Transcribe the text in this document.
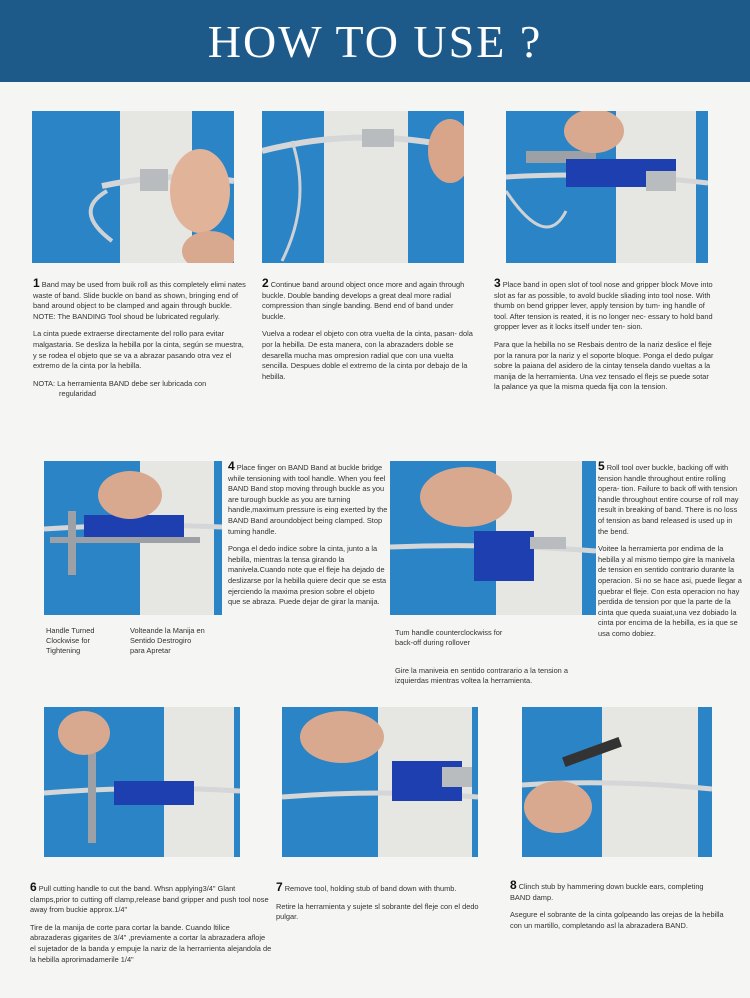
HOW TO USE ?

1 Band may be used from buik roll as this completely elimi nates waste of band. Slide buckle on band as shown, bringing end of band around object to be clamped and again through buckle.
NOTE: The BANDING Tool shoud be lubricated regularly.

La cinta puede extraerse directamente del rollo para evitar malgastaria. Se desliza la hebilla por la cinta, según se muestra, y se rodea el objeto que se va a abrazar pasando otra vez el extremo de la cinta por la hebilla.

NOTA: La herramienta BAND debe ser lubricada con
regularidad

2 Continue band around object once more and again through buckle. Double banding develops a great deal more radial compression than single banding. Bend end of band under buckle.

Vuelva a rodear el objeto con otra vuelta de la cinta, pasan- dola por la hebilla. De esta manera, con la abrazaders doble se desarella mucha mas ompresion radial que con una vuelta sencilla. Despues doble el extremo de la cinta por debajo de la hebilla.

3 Place band in open slot of tool nose and gripper block Move into slot as far as possible, to avold buckle sliading into tool nose. With thumb on bend gripper lever, apply tension by tum- ing handle of tool. After tension is reated, it is no longer nec- essary to hold band gropper lever as it locks itself under ten- sion.

Para que la hebilla no se Resbais dentro de la nariz deslice el fleje por la ranura por la nariz y el soporte bloque. Ponga el dedo pulgar sobre la paiana del asidero de la cintay tensela dando vueltas a la manija de la herramienta. Una vez tensado el flejs se puede sotar la palance ya que la misma queda fija con la tension.

Handle Turned Clockwise for Tightening
Volteande la Manija en Sentido Destrogiro para Apretar

4 Place finger on BAND Band at buckle bridge while tensioning with tool handle. When you feel BAND Band stop moving through buckle as you are turough buckle as you are turning handle,maximum pressure is eing exerted by the BAND Band aroundobject being clamped. Stop tuming handle.

Ponga el dedo indice sobre la cinta, junto a la hebilla, mientras la tensa girando la manivela.Cuando note que el fleje ha dejado de deslizarse por la hebilla quiere decir que se esta ejerciendo la maxima presion sobre el objeto que se abraza. Puede dejar de girar la manija.

Tum handle counterclockwiss for back-off during rollover
Gire la maniveia en sentido contrarario a la tension a izquierdas mientras voltea la herramienta.

5 Roll tool over buckle, backing off with tension handle throughout entire rolling opera- tion. Failure to back off with tension handle throughout entire course of roll may result in breaking of band. There is no loss of tension as band released is used up in the bend.

Voitee la herramierta por endima de la hebilla y al mismo tiempo gire la manivela de tension en sentido contrario durante la operacion. Si no se hace asi, puede llegar a quebrar el fleje. Con esta operacion no hay perdida de tension por que la parte de la cinta que queda suaiat,una vez dobiado la cinta por encima de la hebilla, es ia que se usa como dobiez.

6 Pull cutting handle to cut the band. Whsn applying3/4" Glant clamps,prior to cutting off clamp,release band gripper and push tool nose away from buckie approx.1/4"

Tire de la manija de corte para cortar la bande. Cuando ltilice abrazaderas gigarites de 3/4" ,previamente a cortar la abrazadera afloje el sujetador de la banda y empuje la nariz de la herrarrienta alejandola de la hebilla aprorimadamerile 1/4"

7 Remove tool, holding stub of band down with thumb.

Retire la herramienta y sujete sl sobrante del fleje con el dedo pulgar.

8 Clinch stub by hammering down buckle ears, completing BAND damp.

Asegure el sobrante de la cinta golpeando las orejas de la hebilla con un martillo, completando asl la abrazadera BAND.
